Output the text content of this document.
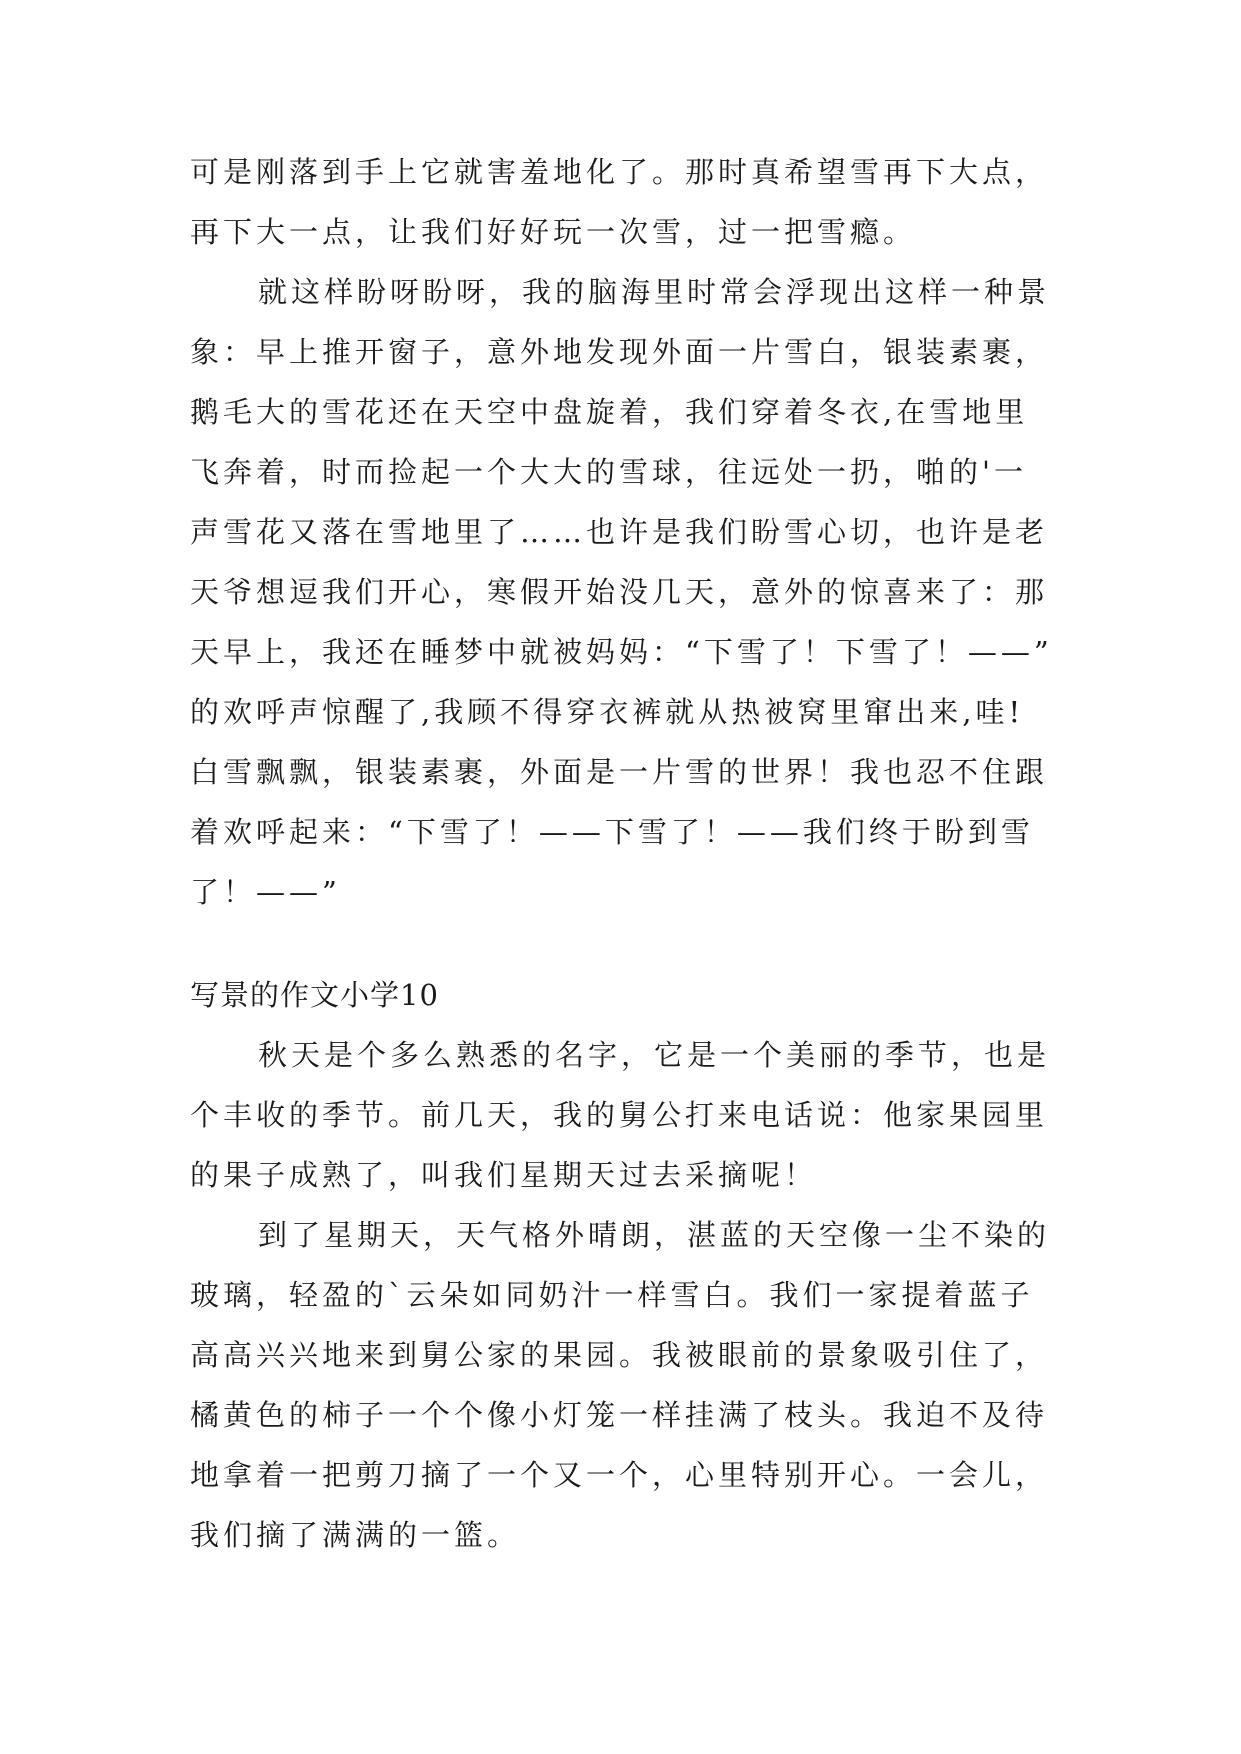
可是刚落到手上它就害羞地化了。那时真希望雪再下大点，
再下大一点，让我们好好玩一次雪，过一把雪瘾。
就这样盼呀盼呀，我的脑海里时常会浮现出这样一种景
象：早上推开窗子，意外地发现外面一片雪白，银装素裹，
鹅毛大的雪花还在天空中盘旋着，我们穿着冬衣,在雪地里
飞奔着，时而捡起一个大大的雪球，往远处一扔，啪的'一
声雪花又落在雪地里了……也许是我们盼雪心切，也许是老
天爷想逗我们开心，寒假开始没几天，意外的惊喜来了：那
天早上，我还在睡梦中就被妈妈：“下雪了！下雪了！——”
的欢呼声惊醒了,我顾不得穿衣裤就从热被窝里窜出来,哇!
白雪飘飘，银装素裹，外面是一片雪的世界！我也忍不住跟
着欢呼起来：“下雪了！——下雪了！——我们终于盼到雪
了！——”
写景的作文小学10
秋天是个多么熟悉的名字，它是一个美丽的季节，也是
个丰收的季节。前几天，我的舅公打来电话说：他家果园里
的果子成熟了，叫我们星期天过去采摘呢！
到了星期天，天气格外晴朗，湛蓝的天空像一尘不染的
玻璃，轻盈的`云朵如同奶汁一样雪白。我们一家提着蓝子
高高兴兴地来到舅公家的果园。我被眼前的景象吸引住了，
橘黄色的柿子一个个像小灯笼一样挂满了枝头。我迫不及待
地拿着一把剪刀摘了一个又一个，心里特别开心。一会儿，
我们摘了满满的一篮。
